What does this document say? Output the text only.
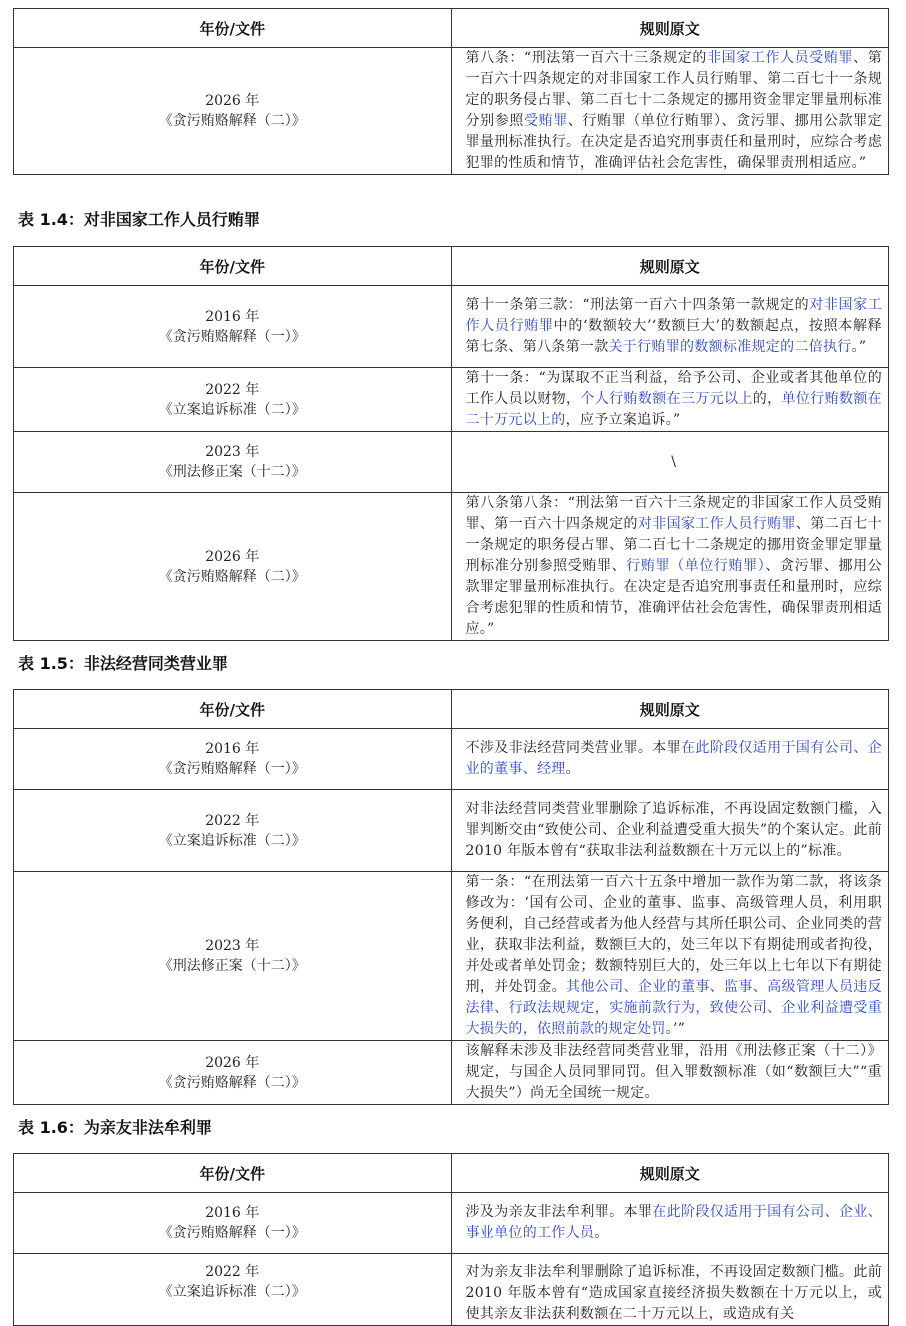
年份/文件	规则原文

2026 年
《贪污贿赂解释（二）》	第八条：“刑法第一百六十三条规定的非国家工作人员受贿罪、第一百六十四条规定的对非国家工作人员行贿罪、第二百七十一条规定的职务侵占罪、第二百七十二条规定的挪用资金罪定罪量刑标准分别参照受贿罪、行贿罪（单位行贿罪）、贪污罪、挪用公款罪定罪量刑标准执行。在决定是否追究刑事责任和量刑时，应综合考虑犯罪的性质和情节，准确评估社会危害性，确保罪责刑相适应。”
表 1.4：对非国家工作人员行贿罪
年份/文件	规则原文

2016 年
《贪污贿赂解释（一）》	第十一条第三款：“刑法第一百六十四条第一款规定的对非国家工作人员行贿罪中的‘数额较大’‘数额巨大’的数额起点，按照本解释第七条、第八条第一款关于行贿罪的数额标准规定的二倍执行。”

2022 年
《立案追诉标准（二）》	第十一条：“为谋取不正当利益，给予公司、企业或者其他单位的工作人员以财物，个人行贿数额在三万元以上的，单位行贿数额在二十万元以上的，应予立案追诉。”

2023 年
《刑法修正案（十二）》	\

2026 年
《贪污贿赂解释（二）》	第八条第八条：“刑法第一百六十三条规定的非国家工作人员受贿罪、第一百六十四条规定的对非国家工作人员行贿罪、第二百七十一条规定的职务侵占罪、第二百七十二条规定的挪用资金罪定罪量刑标准分别参照受贿罪、行贿罪（单位行贿罪）、贪污罪、挪用公款罪定罪量刑标准执行。在决定是否追究刑事责任和量刑时，应综合考虑犯罪的性质和情节，准确评估社会危害性，确保罪责刑相适应。”
表 1.5：非法经营同类营业罪
年份/文件	规则原文

2016 年
《贪污贿赂解释（一）》	不涉及非法经营同类营业罪。本罪在此阶段仅适用于国有公司、企业的董事、经理。

2022 年
《立案追诉标准（二）》	对非法经营同类营业罪删除了追诉标准，不再设固定数额门槛，入罪判断交由“致使公司、企业利益遭受重大损失”的个案认定。此前 2010 年版本曾有“获取非法利益数额在十万元以上的”标准。

2023 年
《刑法修正案（十二）》	第一条：“在刑法第一百六十五条中增加一款作为第二款，将该条修改为：‘国有公司、企业的董事、监事、高级管理人员，利用职务便利，自己经营或者为他人经营与其所任职公司、企业同类的营业，获取非法利益，数额巨大的，处三年以下有期徒刑或者拘役，并处或者单处罚金；数额特别巨大的，处三年以上七年以下有期徒刑，并处罚金。其他公司、企业的董事、监事、高级管理人员违反法律、行政法规规定，实施前款行为，致使公司、企业利益遭受重大损失的，依照前款的规定处罚。’”

2026 年
《贪污贿赂解释（二）》	该解释未涉及非法经营同类营业罪，沿用《刑法修正案（十二）》规定，与国企人员同罪同罚。但入罪数额标准（如“数额巨大”“重大损失”）尚无全国统一规定。
表 1.6：为亲友非法牟利罪
年份/文件	规则原文

2016 年
《贪污贿赂解释（一）》	涉及为亲友非法牟利罪。本罪在此阶段仅适用于国有公司、企业、事业单位的工作人员。

2022 年
《立案追诉标准（二）》	对为亲友非法牟利罪删除了追诉标准，不再设固定数额门槛。此前 2010 年版本曾有“造成国家直接经济损失数额在十万元以上，或使其亲友非法获利数额在二十万元以上，或造成有关
